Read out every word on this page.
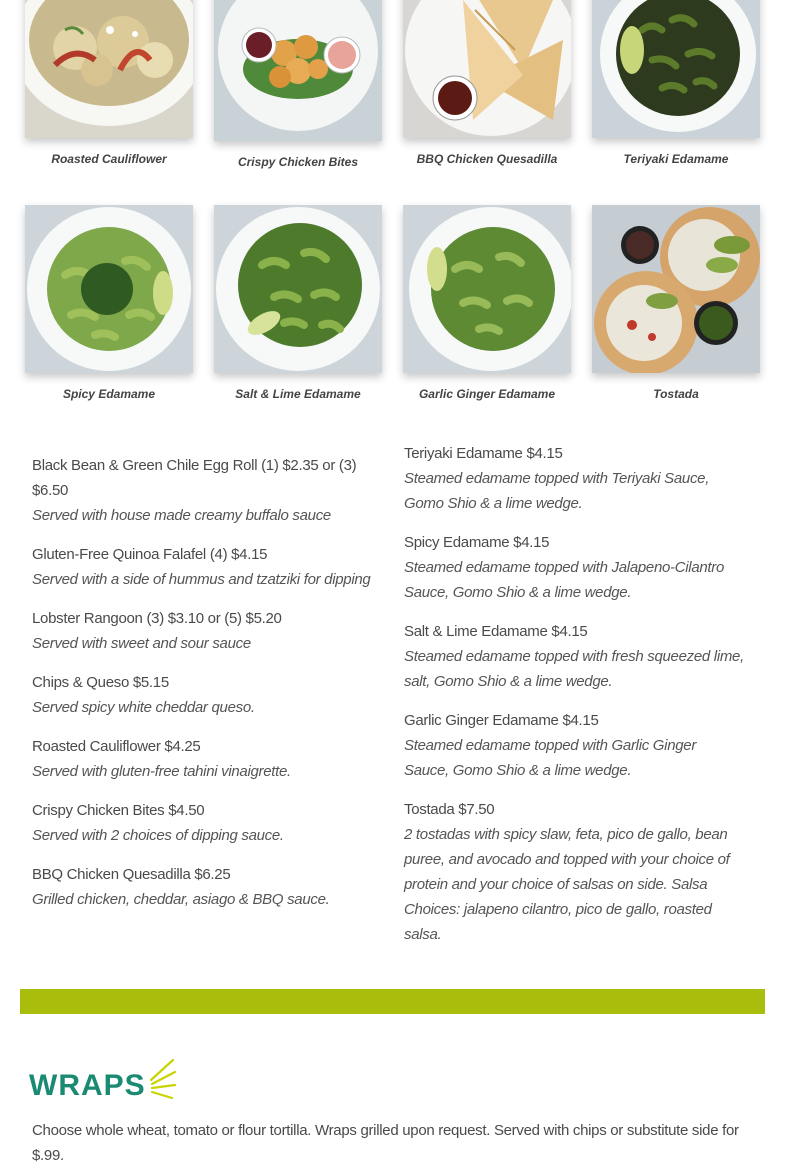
Roasted Cauliflower	Crispy Chicken Bites	BBQ Chicken Quesadilla	Teriyaki Edamame
Spicy Edamame	Salt & Lime Edamame	Garlic Ginger Edamame	Tostada
Black Bean & Green Chile Egg Roll (1) $2.35 or (3) $6.50
Served with house made creamy buffalo sauce
Gluten-Free Quinoa Falafel (4) $4.15
Served with a side of hummus and tzatziki for dipping
Lobster Rangoon (3) $3.10 or (5) $5.20
Served with sweet and sour sauce
Chips & Queso $5.15
Served spicy white cheddar queso.
Roasted Cauliflower $4.25
Served with gluten-free tahini vinaigrette.
Crispy Chicken Bites $4.50
Served with 2 choices of dipping sauce.
BBQ Chicken Quesadilla $6.25
Grilled chicken, cheddar, asiago & BBQ sauce.
Teriyaki Edamame $4.15
Steamed edamame topped with Teriyaki Sauce, Gomo Shio & a lime wedge.
Spicy Edamame $4.15
Steamed edamame topped with Jalapeno-Cilantro Sauce, Gomo Shio & a lime wedge.
Salt & Lime Edamame $4.15
Steamed edamame topped with fresh squeezed lime, salt, Gomo Shio & a lime wedge.
Garlic Ginger Edamame $4.15
Steamed edamame topped with Garlic Ginger Sauce, Gomo Shio & a lime wedge.
Tostada $7.50
2 tostadas with spicy slaw, feta, pico de gallo, bean puree, and avocado and topped with your choice of protein and your choice of salsas on side. Salsa Choices: jalapeno cilantro, pico de gallo, roasted salsa.
WRAPS
Choose whole wheat, tomato or flour tortilla. Wraps grilled upon request. Served with chips or substitute side for $.99.
